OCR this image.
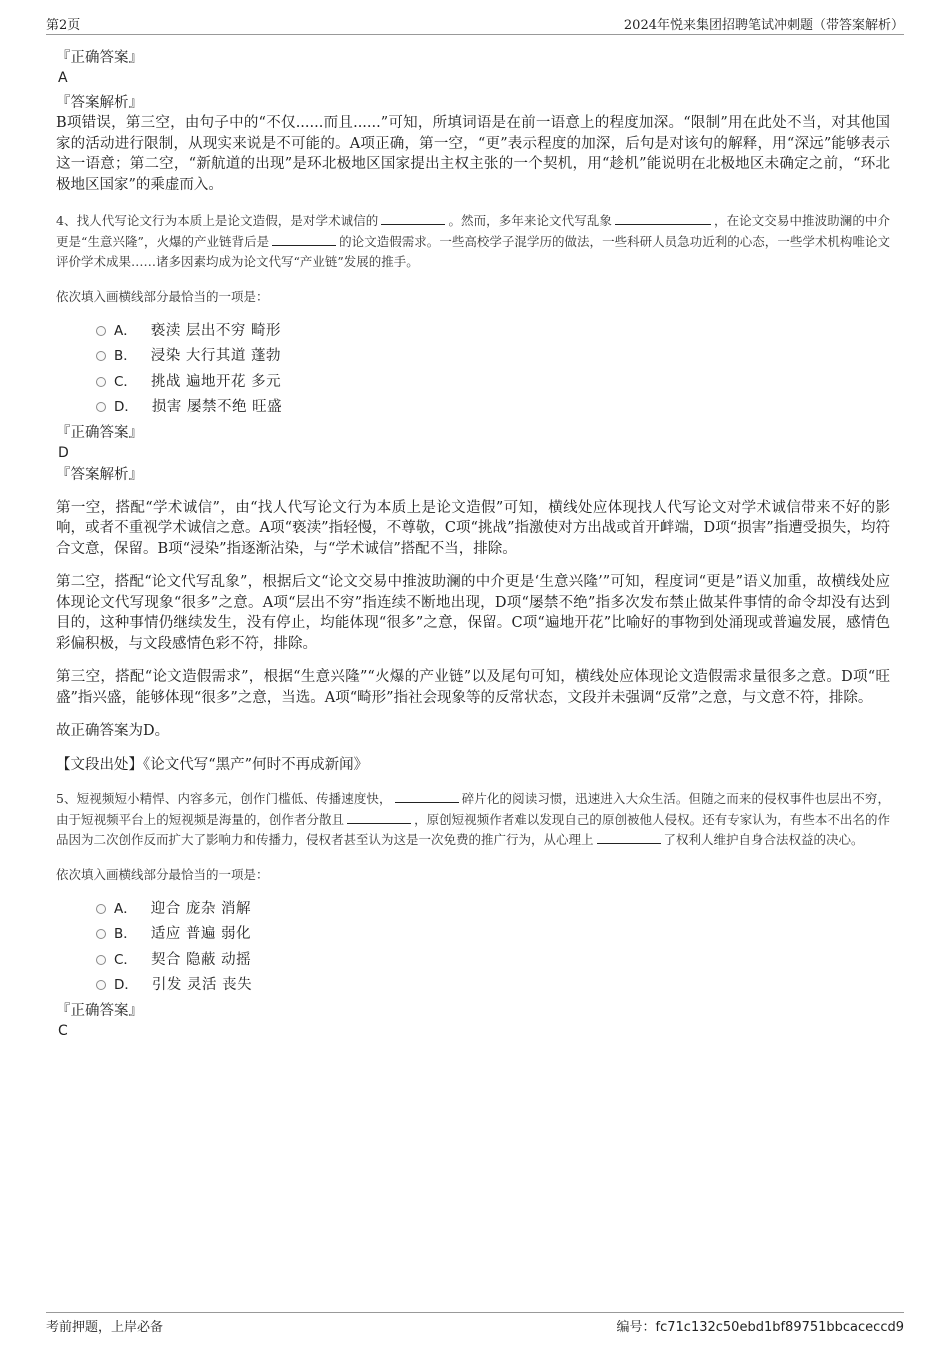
第2页	2024年悦来集团招聘笔试冲刺题（带答案解析）

『正确答案』

A

『答案解析』

B项错误，第三空，由句子中的“不仅......而且......”可知，所填词语是在前一语意上的程度加深。“限制”用在此处不当，对其他国家的活动进行限制，从现实来说是不可能的。A项正确，第一空，“更”表示程度的加深，后句是对该句的解释，用“深远”能够表示这一语意；第二空，“新航道的出现”是环北极地区国家提出主权主张的一个契机，用“趁机”能说明在北极地区未确定之前，“环北极地区国家”的乘虚而入。

4、找人代写论文行为本质上是论文造假，是对学术诚信的	。然而，多年来论文代写乱象	，在论文交易中推波助澜的中介更是“生意兴隆”，火爆的产业链背后是	的论文造假需求。一些高校学子混学历的做法，一些科研人员急功近利的心态，一些学术机构唯论文评价学术成果……诸多因素均成为论文代写“产业链”发展的推手。

依次填入画横线部分最恰当的一项是：

A． 亵渎 层出不穷 畸形
B． 浸染 大行其道 蓬勃
C． 挑战 遍地开花 多元
D． 损害 屡禁不绝 旺盛

『正确答案』

D

『答案解析』

第一空，搭配“学术诚信”，由“找人代写论文行为本质上是论文造假”可知，横线处应体现找人代写论文对学术诚信带来不好的影响，或者不重视学术诚信之意。A项“亵渎”指轻慢，不尊敬，C项“挑战”指激使对方出战或首开衅端，D项“损害”指遭受损失，均符合文意，保留。B项“浸染”指逐渐沾染，与“学术诚信”搭配不当，排除。

第二空，搭配“论文代写乱象”，根据后文“论文交易中推波助澜的中介更是‘生意兴隆’”可知，程度词“更是”语义加重，故横线处应体现论文代写现象“很多”之意。A项“层出不穷”指连续不断地出现，D项“屡禁不绝”指多次发布禁止做某件事情的命令却没有达到目的，这种事情仍继续发生，没有停止，均能体现“很多”之意，保留。C项“遍地开花”比喻好的事物到处涌现或普遍发展，感情色彩偏积极，与文段感情色彩不符，排除。

第三空，搭配“论文造假需求”，根据“生意兴隆”“火爆的产业链”以及尾句可知，横线处应体现论文造假需求量很多之意。D项“旺盛”指兴盛，能够体现“很多”之意，当选。A项“畸形”指社会现象等的反常状态，文段并未强调“反常”之意，与文意不符，排除。

故正确答案为D。

【文段出处】《论文代写“黑产”何时不再成新闻》

5、短视频短小精悍、内容多元，创作门槛低、传播速度快，	碎片化的阅读习惯，迅速进入大众生活。但随之而来的侵权事件也层出不穷，由于短视频平台上的短视频是海量的，创作者分散且	，原创短视频作者难以发现自己的原创被他人侵权。还有专家认为，有些本不出名的作品因为二次创作反而扩大了影响力和传播力，侵权者甚至认为这是一次免费的推广行为，从心理上	了权利人维护自身合法权益的决心。

依次填入画横线部分最恰当的一项是：

A． 迎合 庞杂 消解
B． 适应 普遍 弱化
C． 契合 隐蔽 动摇
D． 引发 灵活 丧失

『正确答案』

C

考前押题，上岸必备	编号：fc71c132c50ebd1bf89751bbcaceccd9
